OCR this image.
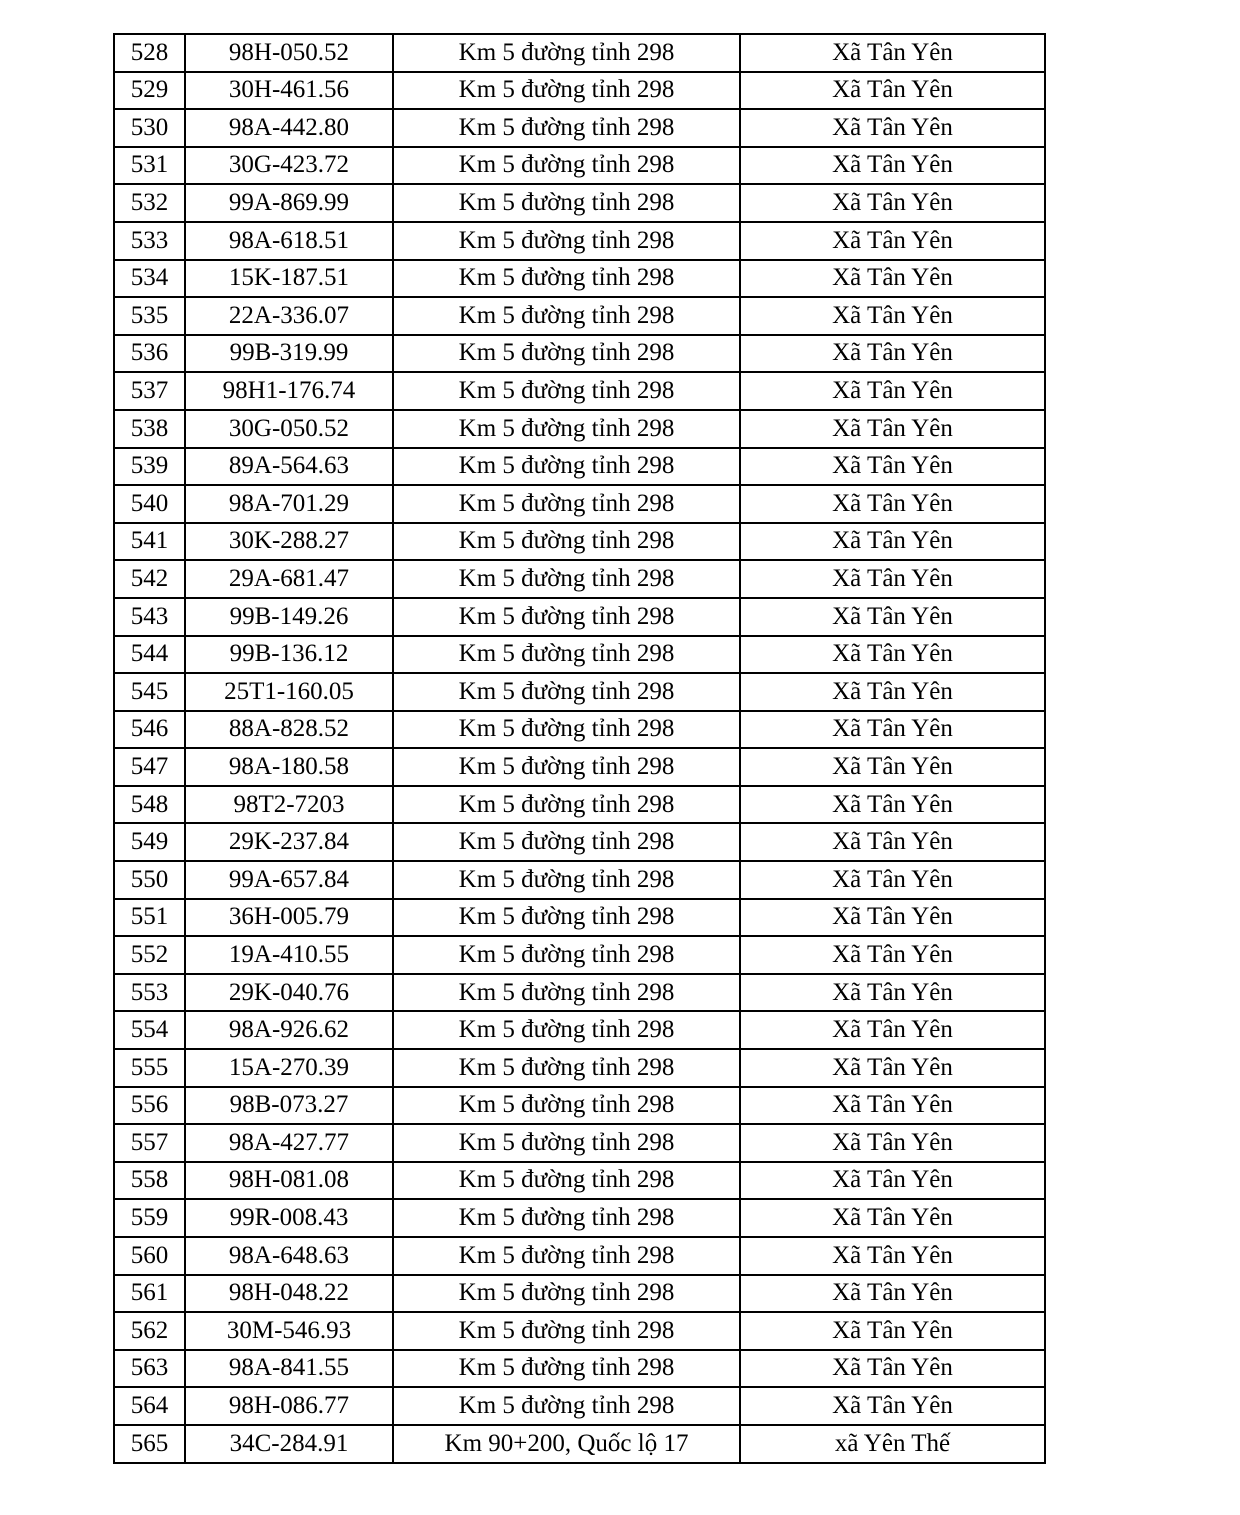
528	98H-050.52	Km 5 đường tỉnh 298	Xã Tân Yên
529	30H-461.56	Km 5 đường tỉnh 298	Xã Tân Yên
530	98A-442.80	Km 5 đường tỉnh 298	Xã Tân Yên
531	30G-423.72	Km 5 đường tỉnh 298	Xã Tân Yên
532	99A-869.99	Km 5 đường tỉnh 298	Xã Tân Yên
533	98A-618.51	Km 5 đường tỉnh 298	Xã Tân Yên
534	15K-187.51	Km 5 đường tỉnh 298	Xã Tân Yên
535	22A-336.07	Km 5 đường tỉnh 298	Xã Tân Yên
536	99B-319.99	Km 5 đường tỉnh 298	Xã Tân Yên
537	98H1-176.74	Km 5 đường tỉnh 298	Xã Tân Yên
538	30G-050.52	Km 5 đường tỉnh 298	Xã Tân Yên
539	89A-564.63	Km 5 đường tỉnh 298	Xã Tân Yên
540	98A-701.29	Km 5 đường tỉnh 298	Xã Tân Yên
541	30K-288.27	Km 5 đường tỉnh 298	Xã Tân Yên
542	29A-681.47	Km 5 đường tỉnh 298	Xã Tân Yên
543	99B-149.26	Km 5 đường tỉnh 298	Xã Tân Yên
544	99B-136.12	Km 5 đường tỉnh 298	Xã Tân Yên
545	25T1-160.05	Km 5 đường tỉnh 298	Xã Tân Yên
546	88A-828.52	Km 5 đường tỉnh 298	Xã Tân Yên
547	98A-180.58	Km 5 đường tỉnh 298	Xã Tân Yên
548	98T2-7203	Km 5 đường tỉnh 298	Xã Tân Yên
549	29K-237.84	Km 5 đường tỉnh 298	Xã Tân Yên
550	99A-657.84	Km 5 đường tỉnh 298	Xã Tân Yên
551	36H-005.79	Km 5 đường tỉnh 298	Xã Tân Yên
552	19A-410.55	Km 5 đường tỉnh 298	Xã Tân Yên
553	29K-040.76	Km 5 đường tỉnh 298	Xã Tân Yên
554	98A-926.62	Km 5 đường tỉnh 298	Xã Tân Yên
555	15A-270.39	Km 5 đường tỉnh 298	Xã Tân Yên
556	98B-073.27	Km 5 đường tỉnh 298	Xã Tân Yên
557	98A-427.77	Km 5 đường tỉnh 298	Xã Tân Yên
558	98H-081.08	Km 5 đường tỉnh 298	Xã Tân Yên
559	99R-008.43	Km 5 đường tỉnh 298	Xã Tân Yên
560	98A-648.63	Km 5 đường tỉnh 298	Xã Tân Yên
561	98H-048.22	Km 5 đường tỉnh 298	Xã Tân Yên
562	30M-546.93	Km 5 đường tỉnh 298	Xã Tân Yên
563	98A-841.55	Km 5 đường tỉnh 298	Xã Tân Yên
564	98H-086.77	Km 5 đường tỉnh 298	Xã Tân Yên
565	34C-284.91	Km 90+200, Quốc lộ 17	xã Yên Thế
